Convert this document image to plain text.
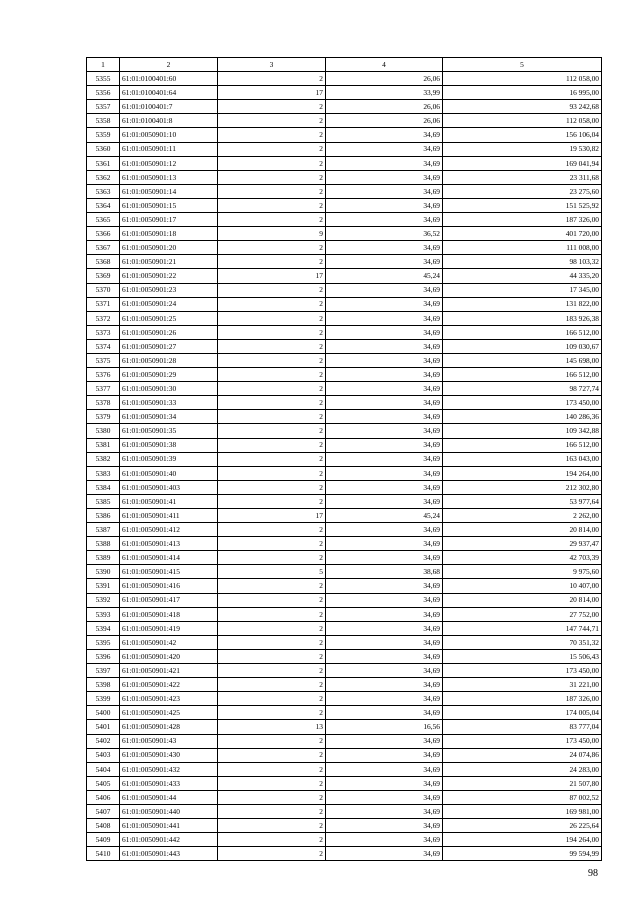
1	2	3	4	5
5355	61:01:0100401:60	2	26,06	112 058,00
5356	61:01:0100401:64	17	33,99	16 995,00
5357	61:01:0100401:7	2	26,06	93 242,68
5358	61:01:0100401:8	2	26,06	112 058,00
5359	61:01:0050901:10	2	34,69	156 106,04
5360	61:01:0050901:11	2	34,69	19 530,82
5361	61:01:0050901:12	2	34,69	169 041,94
5362	61:01:0050901:13	2	34,69	23 311,68
5363	61:01:0050901:14	2	34,69	23 275,60
5364	61:01:0050901:15	2	34,69	151 525,92
5365	61:01:0050901:17	2	34,69	187 326,00
5366	61:01:0050901:18	9	36,52	401 720,00
5367	61:01:0050901:20	2	34,69	111 008,00
5368	61:01:0050901:21	2	34,69	98 103,32
5369	61:01:0050901:22	17	45,24	44 335,20
5370	61:01:0050901:23	2	34,69	17 345,00
5371	61:01:0050901:24	2	34,69	131 822,00
5372	61:01:0050901:25	2	34,69	183 926,38
5373	61:01:0050901:26	2	34,69	166 512,00
5374	61:01:0050901:27	2	34,69	109 030,67
5375	61:01:0050901:28	2	34,69	145 698,00
5376	61:01:0050901:29	2	34,69	166 512,00
5377	61:01:0050901:30	2	34,69	98 727,74
5378	61:01:0050901:33	2	34,69	173 450,00
5379	61:01:0050901:34	2	34,69	140 286,36
5380	61:01:0050901:35	2	34,69	109 342,88
5381	61:01:0050901:38	2	34,69	166 512,00
5382	61:01:0050901:39	2	34,69	163 043,00
5383	61:01:0050901:40	2	34,69	194 264,00
5384	61:01:0050901:403	2	34,69	212 302,80
5385	61:01:0050901:41	2	34,69	53 977,64
5386	61:01:0050901:411	17	45,24	2 262,00
5387	61:01:0050901:412	2	34,69	20 814,00
5388	61:01:0050901:413	2	34,69	29 937,47
5389	61:01:0050901:414	2	34,69	42 703,39
5390	61:01:0050901:415	5	38,68	9 975,60
5391	61:01:0050901:416	2	34,69	10 407,00
5392	61:01:0050901:417	2	34,69	20 814,00
5393	61:01:0050901:418	2	34,69	27 752,00
5394	61:01:0050901:419	2	34,69	147 744,71
5395	61:01:0050901:42	2	34,69	70 351,32
5396	61:01:0050901:420	2	34,69	15 506,43
5397	61:01:0050901:421	2	34,69	173 450,00
5398	61:01:0050901:422	2	34,69	31 221,00
5399	61:01:0050901:423	2	34,69	187 326,00
5400	61:01:0050901:425	2	34,69	174 005,04
5401	61:01:0050901:428	13	16,56	83 777,04
5402	61:01:0050901:43	2	34,69	173 450,00
5403	61:01:0050901:430	2	34,69	24 074,86
5404	61:01:0050901:432	2	34,69	24 283,00
5405	61:01:0050901:433	2	34,69	21 507,80
5406	61:01:0050901:44	2	34,69	87 002,52
5407	61:01:0050901:440	2	34,69	169 981,00
5408	61:01:0050901:441	2	34,69	26 225,64
5409	61:01:0050901:442	2	34,69	194 264,00
5410	61:01:0050901:443	2	34,69	99 594,99
98
